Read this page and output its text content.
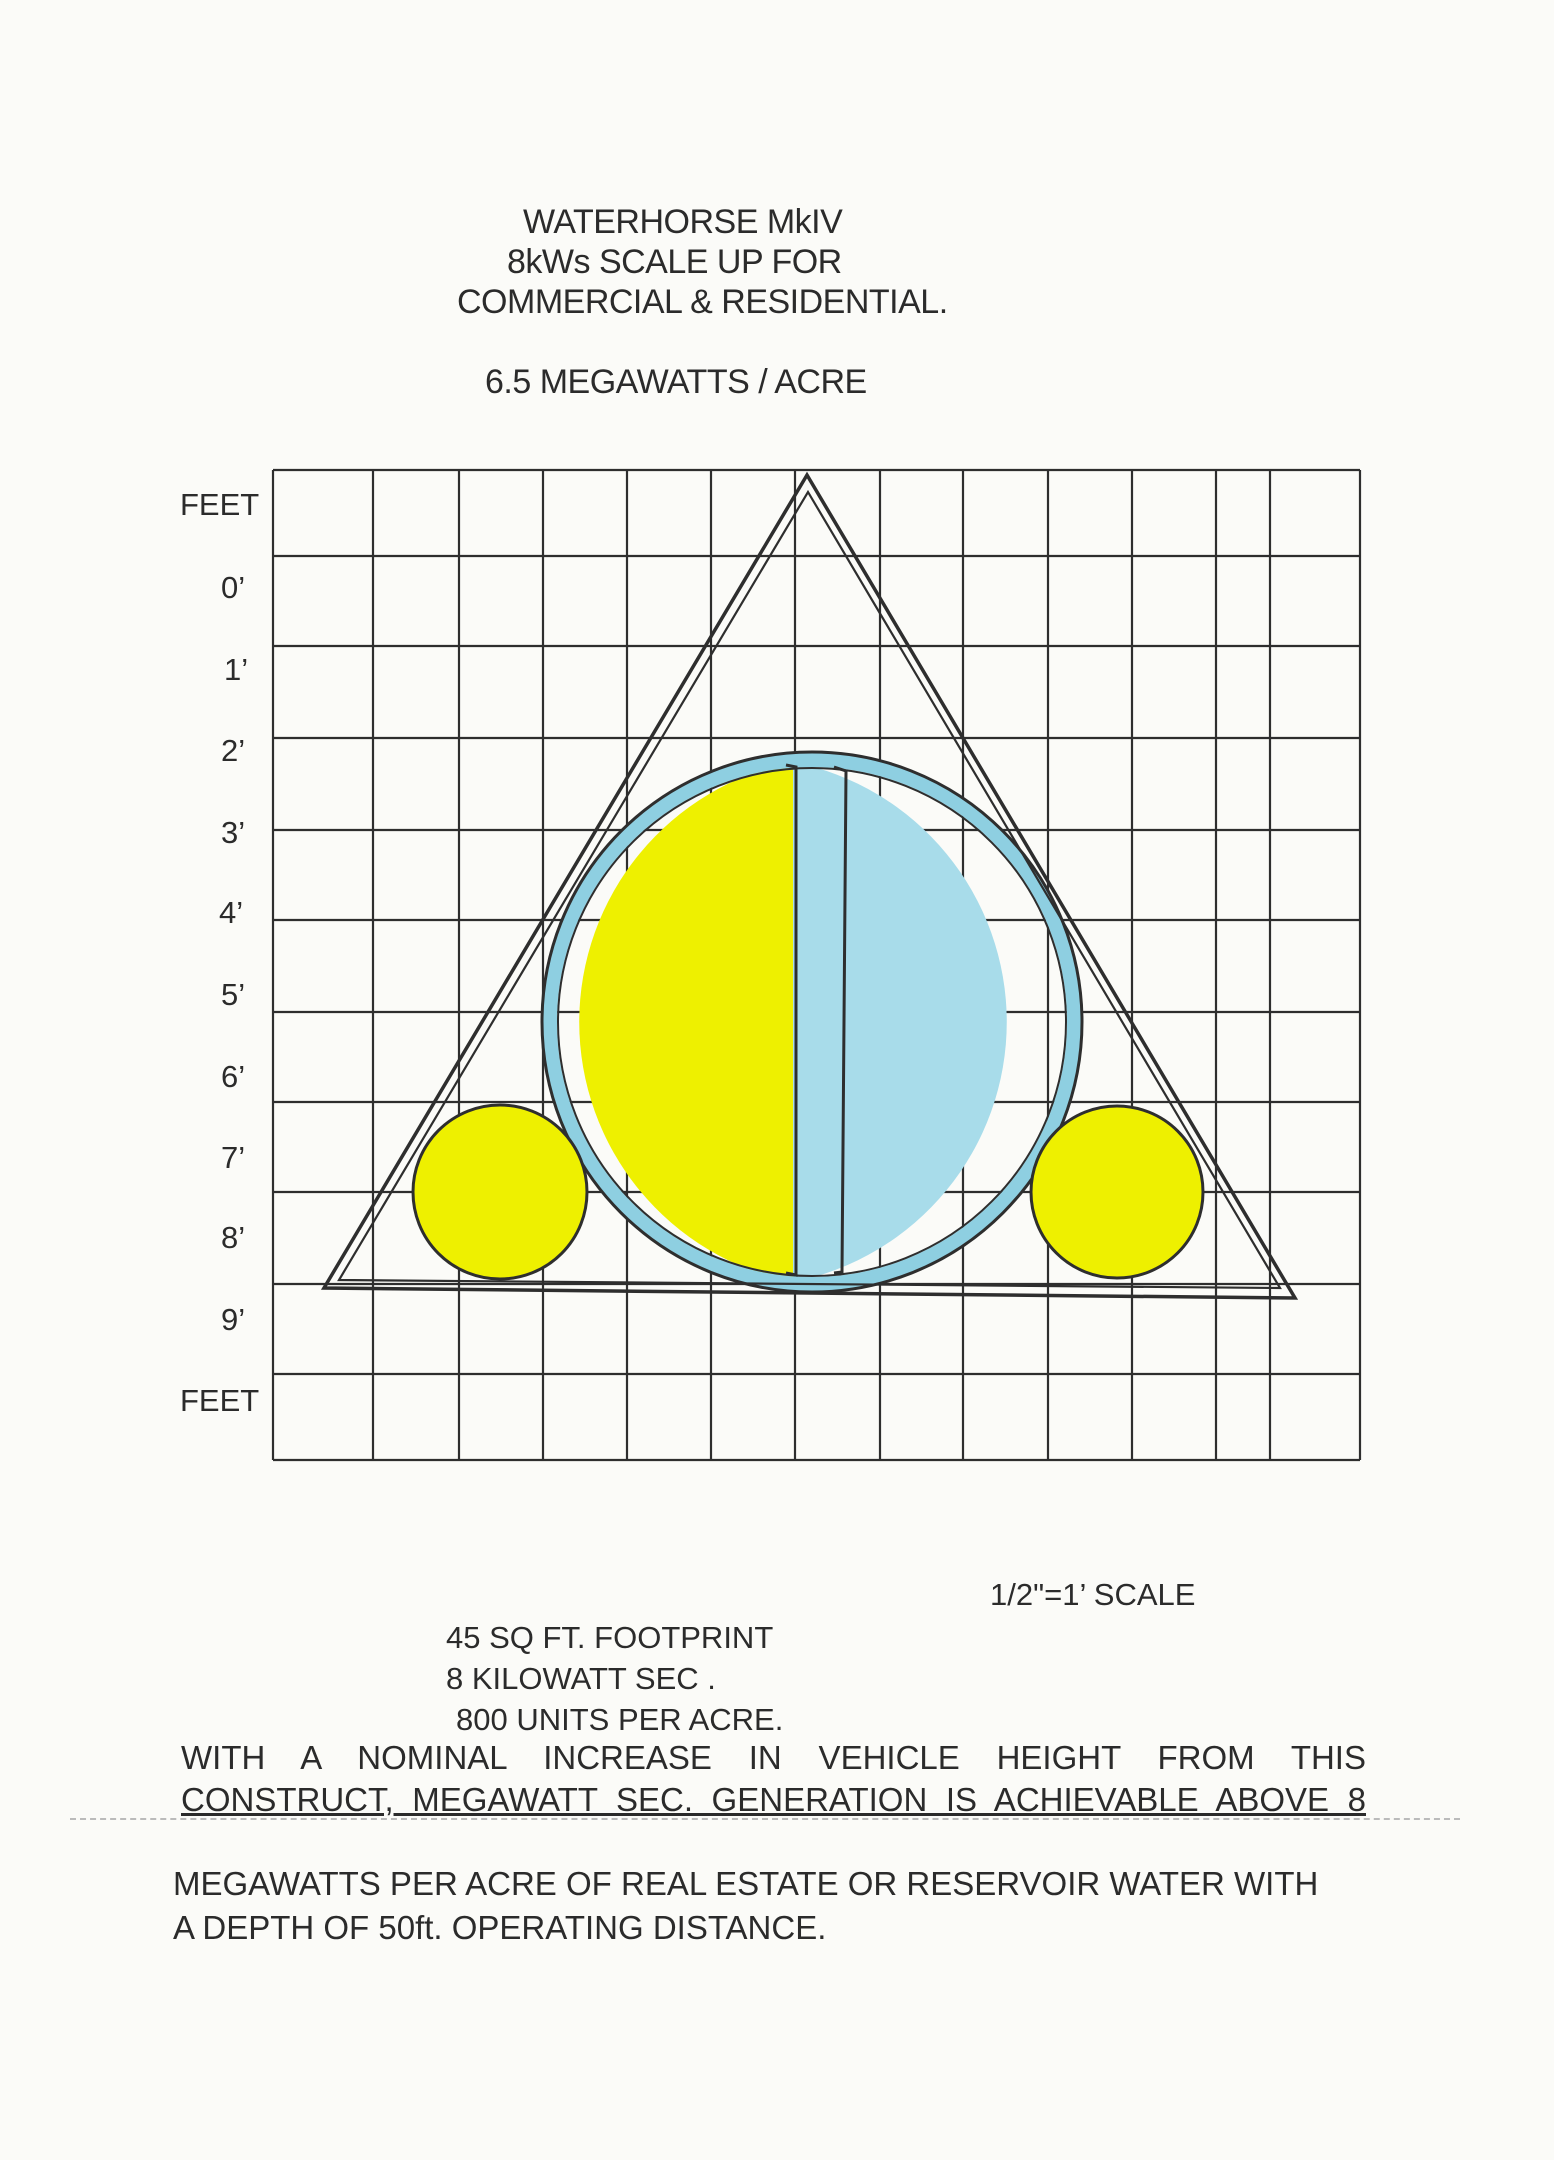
WATERHORSE MkIV
8kWs SCALE UP FOR
COMMERCIAL & RESIDENTIAL.
6.5 MEGAWATTS / ACRE
FEET
0’
1’
2’
3’
4’
5’
6’
7’
8’
9’
FEET
1/2"=1’ SCALE
45 SQ FT. FOOTPRINT
8 KILOWATT SEC .
800 UNITS PER ACRE.
WITH A NOMINAL INCREASE IN VEHICLE HEIGHT FROM THIS
CONSTRUCT, MEGAWATT SEC. GENERATION IS ACHIEVABLE ABOVE 8
MEGAWATTS PER ACRE OF REAL ESTATE OR RESERVOIR WATER WITH
A DEPTH OF 50ft. OPERATING DISTANCE.
